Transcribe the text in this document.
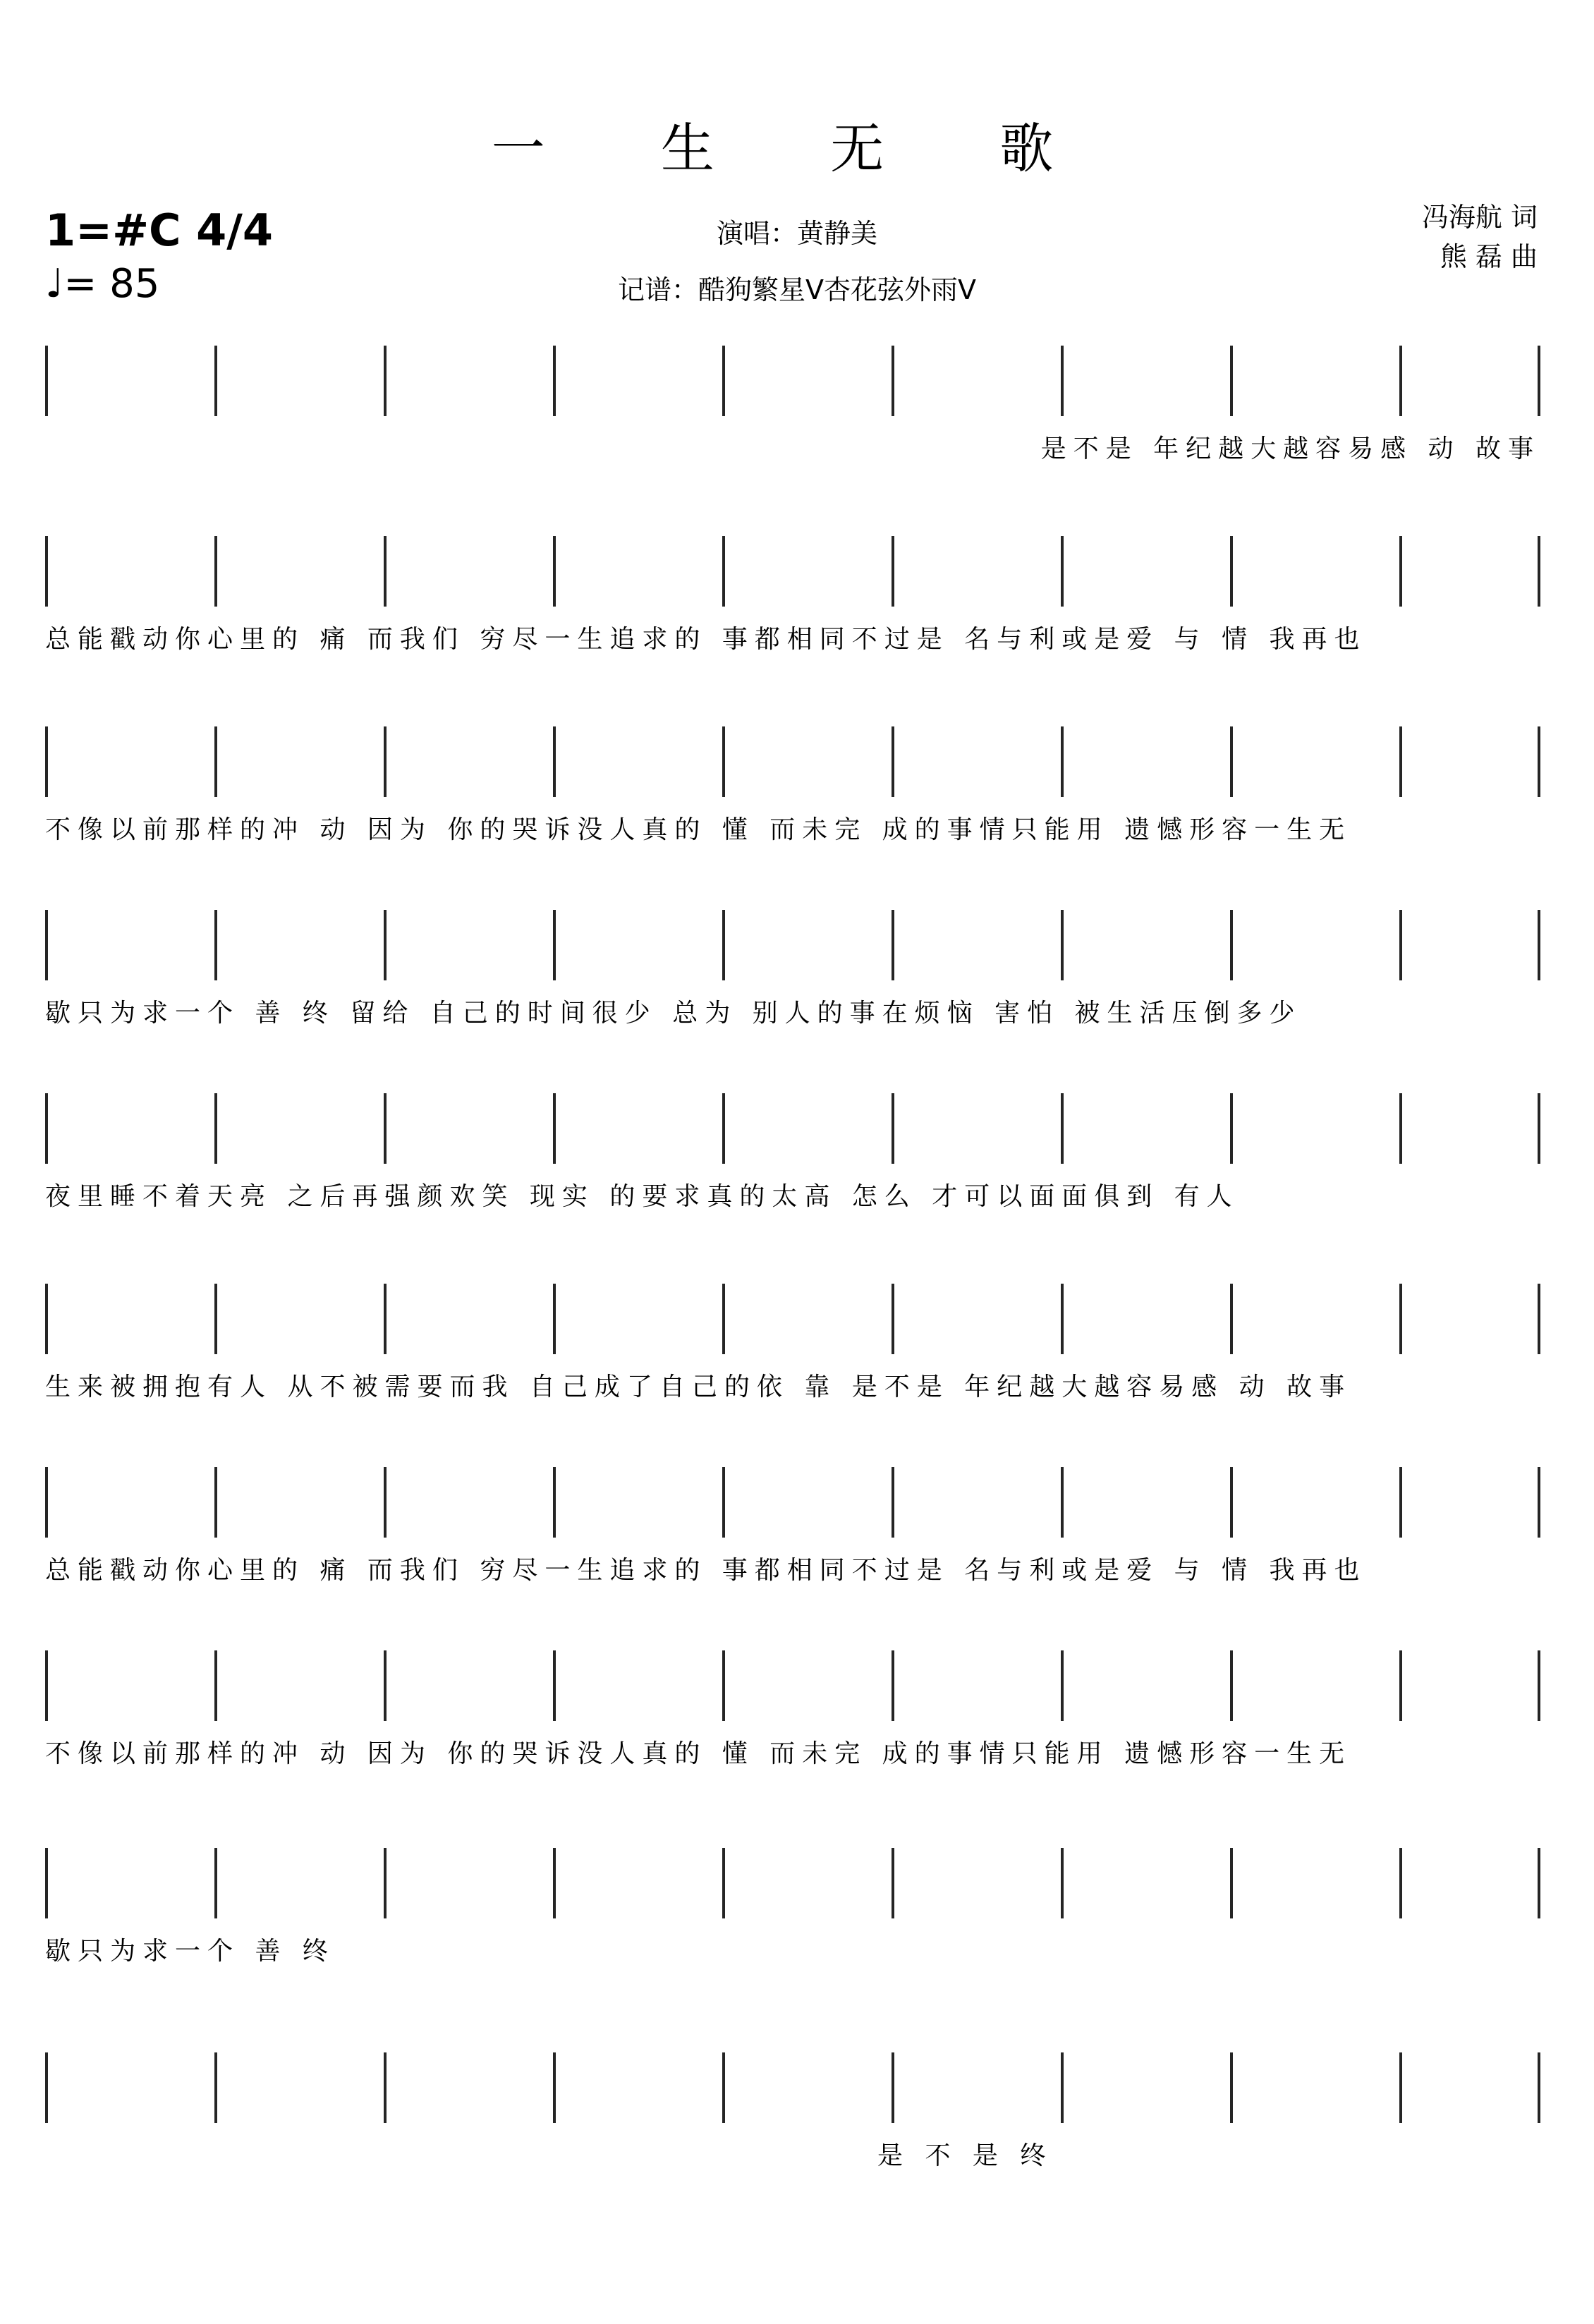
一 生 无 歌
1=#C 4/4
♩= 85
演唱：黄静美
记谱：酷狗繁星V杏花弦外雨V
冯海航 词
熊 磊 曲
是不是 年纪越大越容易感 动 故事
总能戳动你心里的 痛 而我们 穷尽一生追求的 事都相同不过是 名与利或是爱 与 情 我再也
不像以前那样的冲 动 因为 你的哭诉没人真的 懂 而未完 成的事情只能用 遗憾形容一生无
歇只为求一个 善 终 留给 自己的时间很少 总为 别人的事在烦恼 害怕 被生活压倒多少
夜里睡不着天亮 之后再强颜欢笑 现实 的要求真的太高 怎么 才可以面面俱到 有人
生来被拥抱有人 从不被需要而我 自己成了自己的依 靠 是不是 年纪越大越容易感 动 故事
总能戳动你心里的 痛 而我们 穷尽一生追求的 事都相同不过是 名与利或是爱 与 情 我再也
不像以前那样的冲 动 因为 你的哭诉没人真的 懂 而未完 成的事情只能用 遗憾形容一生无
歇只为求一个 善 终
是 不 是 终
